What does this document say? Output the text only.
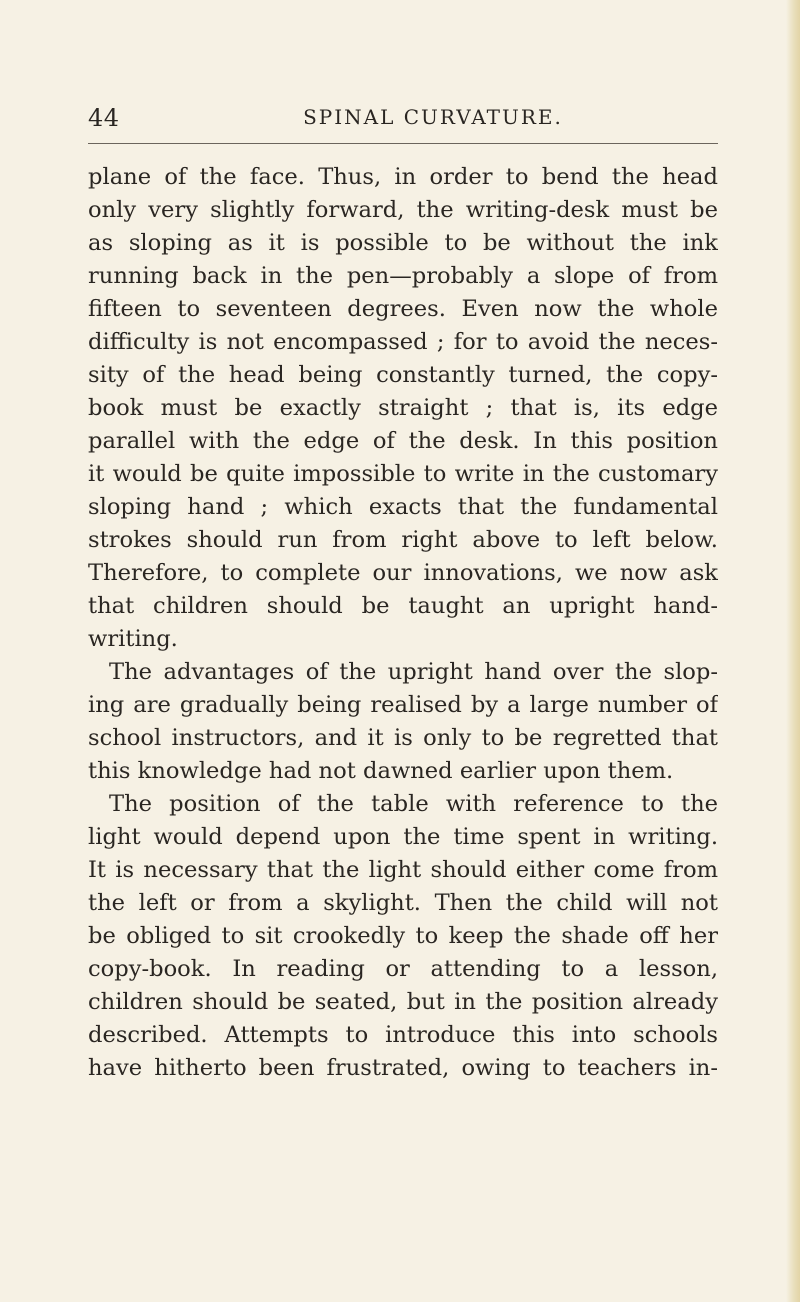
44	SPINAL CURVATURE.
plane of the face. Thus, in order to bend the head
only very slightly forward, the writing-desk must be
as sloping as it is possible to be without the ink
running back in the pen—probably a slope of from
fifteen to seventeen degrees. Even now the whole
difficulty is not encompassed ; for to avoid the neces-
sity of the head being constantly turned, the copy-
book must be exactly straight ; that is, its edge
parallel with the edge of the desk. In this position
it would be quite impossible to write in the customary
sloping hand ; which exacts that the fundamental
strokes should run from right above to left below.
Therefore, to complete our innovations, we now ask
that children should be taught an upright hand-
writing.
The advantages of the upright hand over the slop-
ing are gradually being realised by a large number of
school instructors, and it is only to be regretted that
this knowledge had not dawned earlier upon them.
The position of the table with reference to the
light would depend upon the time spent in writing.
It is necessary that the light should either come from
the left or from a skylight. Then the child will not
be obliged to sit crookedly to keep the shade off her
copy-book. In reading or attending to a lesson,
children should be seated, but in the position already
described. Attempts to introduce this into schools
have hitherto been frustrated, owing to teachers in-
